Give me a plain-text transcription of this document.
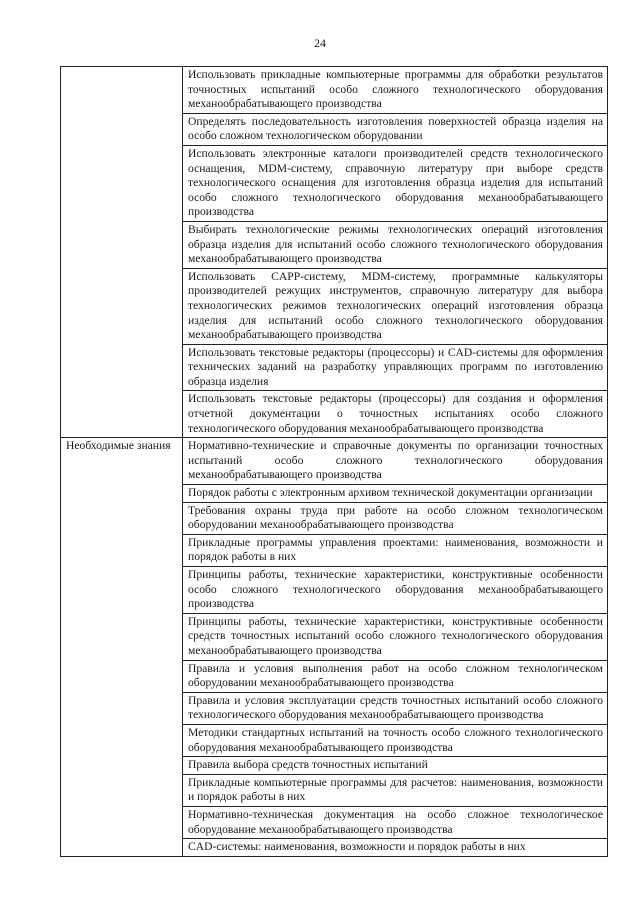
24
	Использовать прикладные компьютерные программы для обработки результатов точностных испытаний особо сложного технологического оборудования механообрабатывающего производства
	Определять последовательность изготовления поверхностей образца изделия на особо сложном технологическом оборудовании
	Использовать электронные каталоги производителей средств технологического оснащения, MDM-систему, справочную литературу при выборе средств технологического оснащения для изготовления образца изделия для испытаний особо сложного технологического оборудования механообрабатывающего производства
	Выбирать технологические режимы технологических операций изготовления образца изделия для испытаний особо сложного технологического оборудования механообрабатывающего производства
	Использовать CAPP-систему, MDM-систему, программные калькуляторы производителей режущих инструментов, справочную литературу для выбора технологических режимов технологических операций изготовления образца изделия для испытаний особо сложного технологического оборудования механообрабатывающего производства
	Использовать текстовые редакторы (процессоры) и CAD-системы для оформления технических заданий на разработку управляющих программ по изготовлению образца изделия
	Использовать текстовые редакторы (процессоры) для создания и оформления отчетной документации о точностных испытаниях особо сложного технологического оборудования механообрабатывающего производства
Необходимые знания	Нормативно-технические и справочные документы по организации точностных испытаний особо сложного технологического оборудования механообрабатывающего производства
	Порядок работы с электронным архивом технической документации организации
	Требования охраны труда при работе на особо сложном технологическом оборудовании механообрабатывающего производства
	Прикладные программы управления проектами: наименования, возможности и порядок работы в них
	Принципы работы, технические характеристики, конструктивные особенности особо сложного технологического оборудования механообрабатывающего производства
	Принципы работы, технические характеристики, конструктивные особенности средств точностных испытаний особо сложного технологического оборудования механообрабатывающего производства
	Правила и условия выполнения работ на особо сложном технологическом оборудовании механообрабатывающего производства
	Правила и условия эксплуатации средств точностных испытаний особо сложного технологического оборудования механообрабатывающего производства
	Методики стандартных испытаний на точность особо сложного технологического оборудования механообрабатывающего производства
	Правила выбора средств точностных испытаний
	Прикладные компьютерные программы для расчетов: наименования, возможности и порядок работы в них
	Нормативно-техническая документация на особо сложное технологическое оборудование механообрабатывающего производства
	CAD-системы: наименования, возможности и порядок работы в них
